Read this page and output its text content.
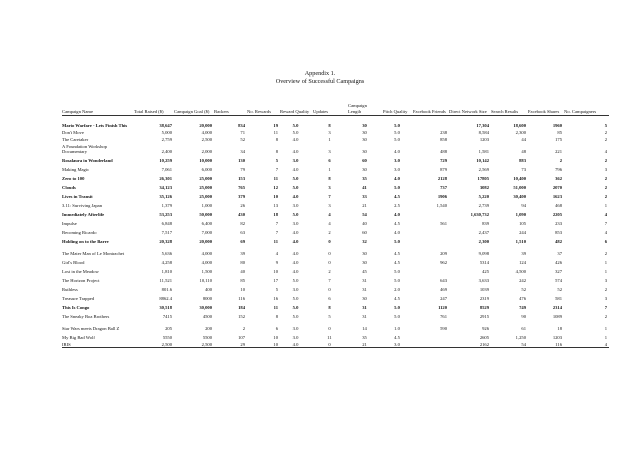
Appendix 1.
Overview of Successful Campaigns
Campaign Name	Total Raised ($)	Campaign Goal ($)	Backers	No. Rewards	Reward Quality	Updates	Campaign Length	Pitch Quality	Facebook Friends	Direct Network Size	Search Results	Facebook Shares	No. Campaigners
Mario Warfare - Lets Finish This	38,647	20,000	834	19	5.0	8	30	5.0		17,304	18,600	1960	5
Don't Move	5,000	4,000	71	11	5.0	3	30	5.0	238	8,584	2,300	85	2
The Caretaker	2,759	2,500	52	8	4.0	1	30	5.0	858	1203	44	175	2
A Foundation Workshop Documentary	2,400	2,000	34	8	4.0	3	30	4.0	488	1,581	48	221	4
Rosalaura in Wonderland	10,259	10,000	130	5	3.0	6	60	3.0	729	10,142	883	2	2
Making Magic	7,061	6,000	79	7	4.0	1	30	3.0	879	2,569	73	796	3
Zero to 100	26,301	25,000	153	11	5.0	8	35	4.0	2128	17805	10,400	362	2
Clouds	34,123	25,000	765	12	5.0	3	41	5.0	737	3082	51,000	2070	2
Lives in Transit	35,126	25,000	379	10	4.0	7	33	4.5	1906	5,220	30,400	1623	2
3.11: Surviving Japan	1,379	1,000	26	13	3.0	3	21	2.5	1,540	2,739	94	468	1
Immediately Afterlife	53,253	50,000	430	18	5.0	4	54	4.0		1,630,732	1,090	2205	4
Impulse	6,848	6,400	82	7	3.0	4	40	4.5	561	839	105	233	7
Becoming Ricardo	7,517	7,000	63	7	4.0	2	60	4.0		2,437	244	853	4
Holding on to the Barre	20,328	20,000	69	11	4.0	0	32	5.0		2,300	1,510	482	6
The Mater Man of Le Montrachet	5,636	4,000	39	4	4.0	0	30	4.5	209	9,098	39	37	2
Girl's Blood	4,258	4,000	80	9	4.0	0	30	4.5	962	5314	124	426	1
Lost in the Meadow	1,810	1,500	40	10	4.0	2	45	5.0		425	4,500	327	1
The Horizon Project	11,521	10,110	85	17	5.0	7	31	5.0	643	3,633	242	574	3
Ruthless	801.6	400	10	5	3.0	0	31	2.0	469	1039	52	52	2
Treasure Trapped	8862.4	8000	116	16	5.0	6	30	4.5	247	2319	476	581	3
This Is Congo	30,518	30,000	184	11	5.0	8	31	5.0	1120	8529	749	2314	7
The Sneaky Boa Brothers	7415	4500	152	8	5.0	5	31	5.0	761	2915	90	1089	2
Star Wars meets Dragon Ball Z	205	200	2	6	3.0	0	14	1.0	590	926	61	18	1
My Big Bad Wolf	5550	5500	107	10	3.0	11	35	4.5		2605	1,250	1203	1
IRIS	2,500	2,500	29	10	4.0	0	21	3.0		2162	54	116	4
